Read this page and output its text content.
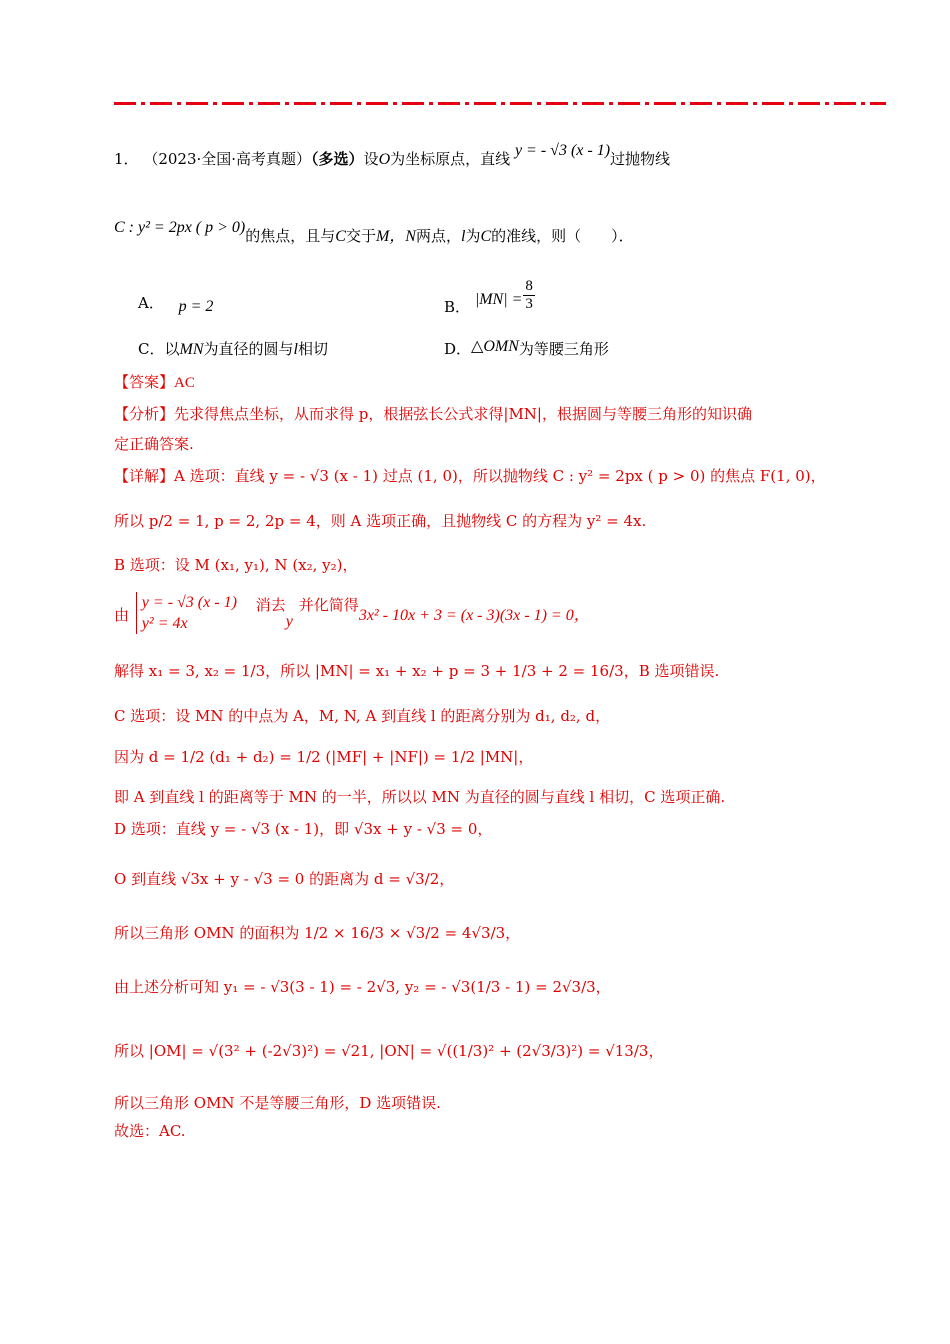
1． （2023·全国·高考真题）（多选）设O为坐标原点，直线 y = - √3 (x - 1)过抛物线
C : y² = 2px ( p > 0)的焦点，且与C交于M，N两点，l为C的准线，则（　　）．
A． p = 2	B． $|MN| = \frac{8}{3}$
C．以MN为直径的圆与l相切	D．△OMN为等腰三角形
【答案】AC
【分析】先求得焦点坐标，从而求得 p，根据弦长公式求得|MN|，根据圆与等腰三角形的知识确
定正确答案.
【详解】A 选项：直线 y = - √3 (x - 1) 过点 (1, 0)，所以抛物线 C : y² = 2px ( p > 0) 的焦点 F(1, 0)，
所以 p/2 = 1, p = 2, 2p = 4，则 A 选项正确，且抛物线 C 的方程为 y² = 4x.
B 选项：设 M (x₁, y₁), N (x₂, y₂)，
由
y = - √3 (x - 1)
y² = 4x
消去y并化简得3x² - 10x + 3 = (x - 3)(3x - 1) = 0，
解得 x₁ = 3, x₂ = 1/3，所以 |MN| = x₁ + x₂ + p = 3 + 1/3 + 2 = 16/3，B 选项错误.
C 选项：设 MN 的中点为 A，M, N, A 到直线 l 的距离分别为 d₁, d₂, d，
因为 d = 1/2 (d₁ + d₂) = 1/2 (|MF| + |NF|) = 1/2 |MN|，
即 A 到直线 l 的距离等于 MN 的一半，所以以 MN 为直径的圆与直线 l 相切，C 选项正确.
D 选项：直线 y = - √3 (x - 1)，即 √3x + y - √3 = 0，
O 到直线 √3x + y - √3 = 0 的距离为 d = √3/2，
所以三角形 OMN 的面积为 1/2 × 16/3 × √3/2 = 4√3/3，
由上述分析可知 y₁ = - √3(3 - 1) = - 2√3, y₂ = - √3(1/3 - 1) = 2√3/3，
所以 |OM| = √(3² + (-2√3)²) = √21, |ON| = √((1/3)² + (2√3/3)²) = √13/3，
所以三角形 OMN 不是等腰三角形，D 选项错误.
故选：AC.
